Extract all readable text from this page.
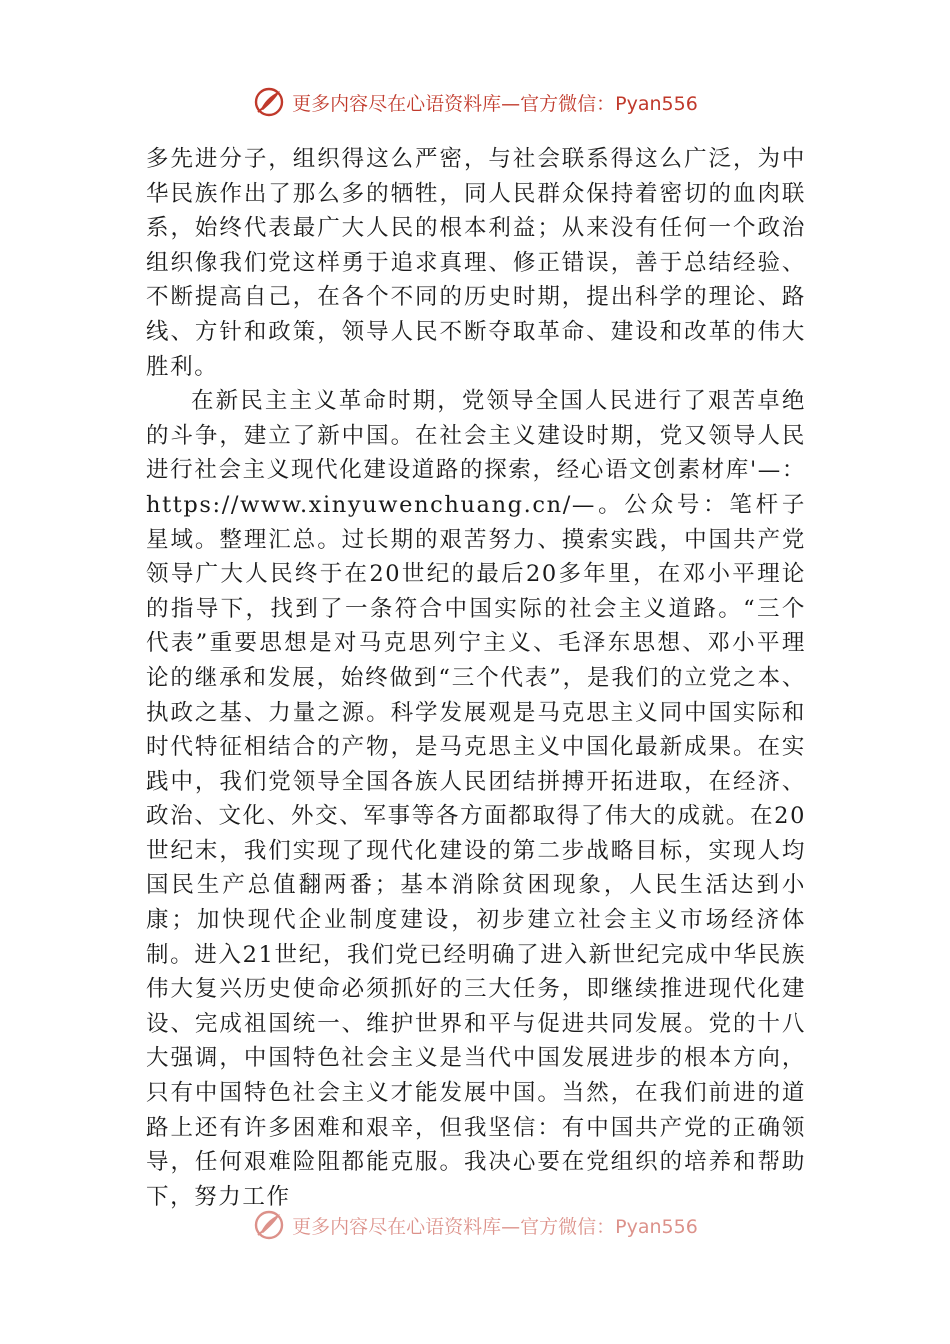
更多内容尽在心语资料库—官方微信：Pyan556

多先进分子，组织得这么严密，与社会联系得这么广泛，为中华民族作出了那么多的牺牲，同人民群众保持着密切的血肉联系，始终代表最广大人民的根本利益；从来没有任何一个政治组织像我们党这样勇于追求真理、修正错误，善于总结经验、不断提高自己，在各个不同的历史时期，提出科学的理论、路线、方针和政策，领导人民不断夺取革命、建设和改革的伟大胜利。

在新民主主义革命时期，党领导全国人民进行了艰苦卓绝的斗争，建立了新中国。在社会主义建设时期，党又领导人民进行社会主义现代化建设道路的探索，经心语文创素材库'—：https://www.xinyuwenchuang.cn/—。公众号：笔杆子星域。整理汇总。过长期的艰苦努力、摸索实践，中国共产党领导广大人民终于在20世纪的最后20多年里，在邓小平理论的指导下，找到了一条符合中国实际的社会主义道路。“三个代表”重要思想是对马克思列宁主义、毛泽东思想、邓小平理论的继承和发展，始终做到“三个代表”，是我们的立党之本、执政之基、力量之源。科学发展观是马克思主义同中国实际和时代特征相结合的产物，是马克思主义中国化最新成果。在实践中，我们党领导全国各族人民团结拼搏开拓进取，在经济、政治、文化、外交、军事等各方面都取得了伟大的成就。在20世纪末，我们实现了现代化建设的第二步战略目标，实现人均国民生产总值翻两番；基本消除贫困现象，人民生活达到小康；加快现代企业制度建设，初步建立社会主义市场经济体制。进入21世纪，我们党已经明确了进入新世纪完成中华民族伟大复兴历史使命必须抓好的三大任务，即继续推进现代化建设、完成祖国统一、维护世界和平与促进共同发展。党的十八大强调，中国特色社会主义是当代中国发展进步的根本方向，只有中国特色社会主义才能发展中国。当然，在我们前进的道路上还有许多困难和艰辛，但我坚信：有中国共产党的正确领导，任何艰难险阻都能克服。我决心要在党组织的培养和帮助下，努力工作

更多内容尽在心语资料库—官方微信：Pyan556
